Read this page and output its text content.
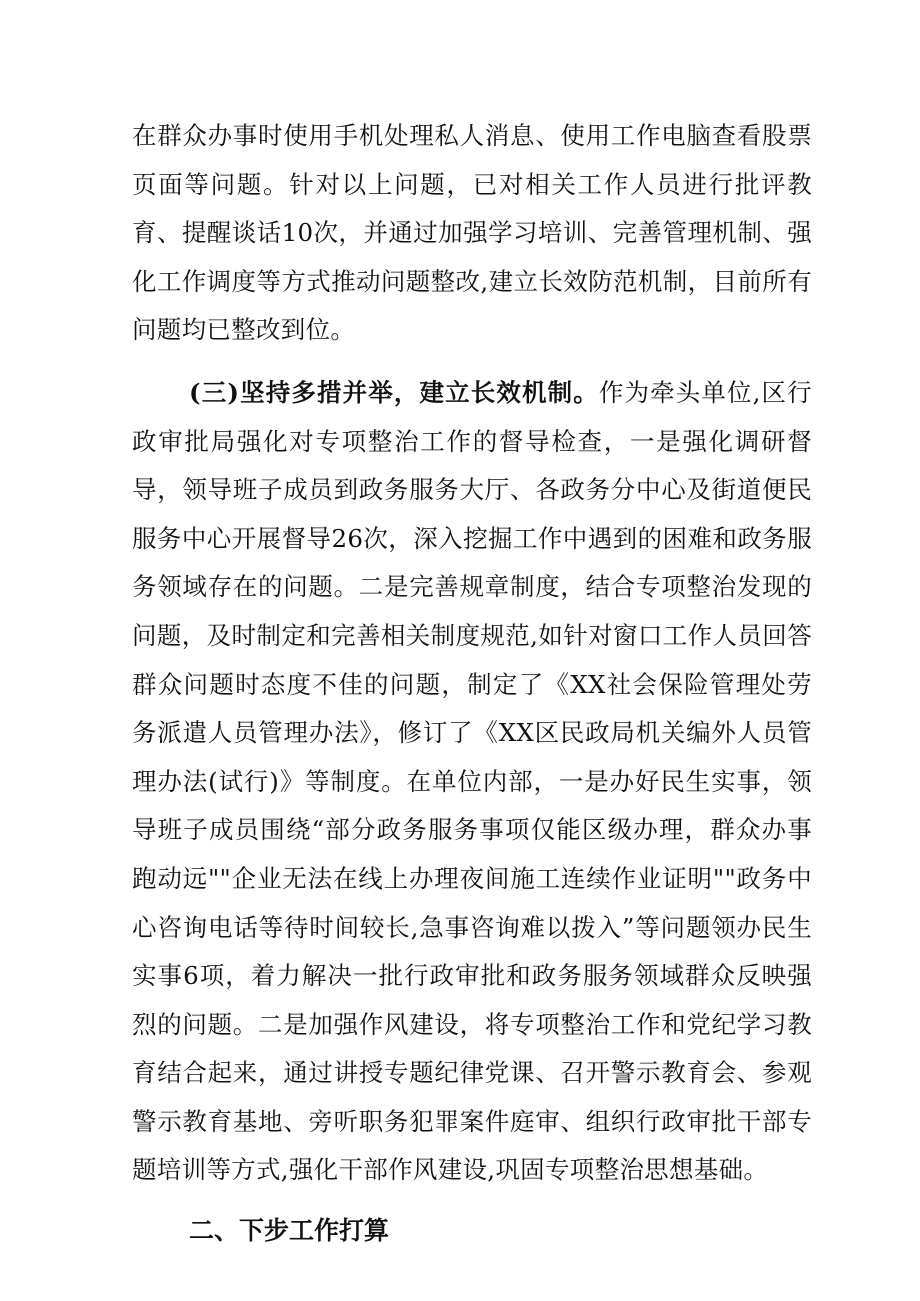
在群众办事时使用手机处理私人消息、使用工作电脑查看股票页面等问题。针对以上问题，已对相关工作人员进行批评教育、提醒谈话10次，并通过加强学习培训、完善管理机制、强化工作调度等方式推动问题整改,建立长效防范机制，目前所有问题均已整改到位。

(三)坚持多措并举，建立长效机制。作为牵头单位,区行政审批局强化对专项整治工作的督导检查，一是强化调研督导，领导班子成员到政务服务大厅、各政务分中心及街道便民服务中心开展督导26次，深入挖掘工作中遇到的困难和政务服务领域存在的问题。二是完善规章制度，结合专项整治发现的问题，及时制定和完善相关制度规范,如针对窗口工作人员回答群众问题时态度不佳的问题，制定了《XX社会保险管理处劳务派遣人员管理办法》，修订了《XX区民政局机关编外人员管理办法(试行)》等制度。在单位内部，一是办好民生实事，领导班子成员围绕“部分政务服务事项仅能区级办理，群众办事跑动远""企业无法在线上办理夜间施工连续作业证明""政务中心咨询电话等待时间较长,急事咨询难以拨入”等问题领办民生实事6项，着力解决一批行政审批和政务服务领域群众反映强烈的问题。二是加强作风建设，将专项整治工作和党纪学习教育结合起来，通过讲授专题纪律党课、召开警示教育会、参观警示教育基地、旁听职务犯罪案件庭审、组织行政审批干部专题培训等方式,强化干部作风建设,巩固专项整治思想基础。

二、下步工作打算
